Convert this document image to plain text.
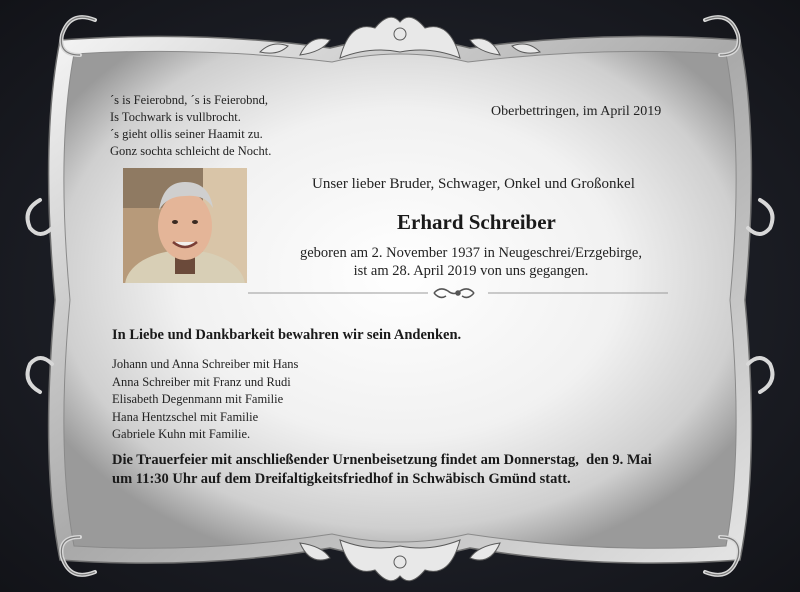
´s is Feierobnd, ´s is Feierobnd,
Is Tochwark is vullbrocht.
´s gieht ollis seiner Haamit zu.
Gonz sochta schleicht de Nocht.
Oberbettringen, im April 2019
Unser lieber Bruder, Schwager, Onkel und Großonkel
Erhard Schreiber
geboren am 2. November 1937 in Neugeschrei/Erzgebirge,
ist am 28. April 2019 von uns gegangen.
In Liebe und Dankbarkeit bewahren wir sein Andenken.
Johann und Anna Schreiber mit Hans
Anna Schreiber mit Franz und Rudi
Elisabeth Degenmann mit Familie
Hana Hentzschel mit Familie
Gabriele Kuhn mit Familie.
Die Trauerfeier mit anschließender Urnenbeisetzung findet am Donnerstag,  den 9. Mai
um 11:30 Uhr auf dem Dreifaltigkeitsfriedhof in Schwäbisch Gmünd statt.
